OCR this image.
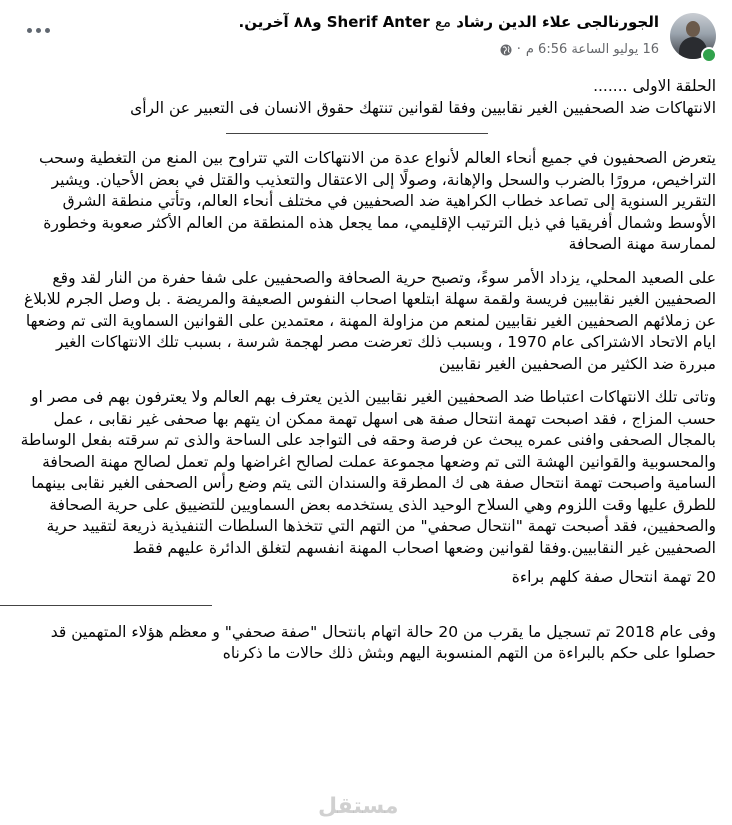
الجورنالجى علاء الدين رشاد مع Sherif Anter و٨٨ آخرين.
16 يوليو الساعة 6:56 م
·

الحلقة الاولى .......

الانتهاكات ضد الصحفيين الغير نقابيين وفقا لقوانين تنتهك حقوق الانسان فى التعبير عن الرأى

يتعرض الصحفيون في جميع أنحاء العالم لأنواع عدة من الانتهاكات التي تتراوح بين المنع من التغطية وسحب التراخيص، مرورًا بالضرب والسحل والإهانة، وصولًا إلى الاعتقال والتعذيب والقتل في بعض الأحيان. ويشير التقرير السنوية إلى تصاعد خطاب الكراهية ضد الصحفيين في مختلف أنحاء العالم، وتأتي منطقة الشرق الأوسط وشمال أفريقيا في ذيل الترتيب الإقليمي، مما يجعل هذه المنطقة من العالم الأكثر صعوبة وخطورة لممارسة مهنة الصحافة

على الصعيد المحلي، يزداد الأمر سوءً، وتصبح حرية الصحافة والصحفيين على شفا حفرة من النار لقد وقع الصحفيين الغير نقابيين فريسة ولقمة سهلة ابتلعها اصحاب النفوس الصعيفة والمريضة . بل وصل الجرم للابلاغ عن زملائهم الصحفيين الغير نقابيين لمنعم من مزاولة المهنة ، معتمدين على القوانين السماوية التى تم وضعها ايام الاتحاد الاشتراكى عام 1970 ، وبسبب ذلك تعرضت مصر لهجمة شرسة ، بسبب تلك الانتهاكات الغير مبررة ضد الكثير من الصحفيين الغير نقابيين

وتاتى تلك الانتهاكات اعتباطا ضد الصحفيين الغير نقابيين الذين يعترف بهم العالم ولا يعترفون بهم فى مصر او حسب المزاج ، فقد اصبحت تهمة انتحال صفة هى اسهل تهمة ممكن ان يتهم بها صحفى غير نقابى ، عمل بالمجال الصحفى وافنى عمره يبحث عن فرصة وحقه فى التواجد على الساحة والذى تم سرقته بفعل الوساطة والمحسوبية والقوانين الهشة التى تم وضعها مجموعة عملت لصالح اغراضها ولم تعمل لصالح مهنة الصحافة السامية واصبحت تهمة انتحال صفة هى ك المطرقة والسندان التى يتم وضع رأس الصحفى الغير نقابى بينهما للطرق عليها وقت اللزوم وهي السلاح الوحيد الذى يستخدمه بعض السماويين للتضييق على حرية الصحافة والصحفيين، فقد أصبحت تهمة "انتحال صحفي" من التهم التي تتخذها السلطات التنفيذية ذريعة لتقييد حرية الصحفيين غير النقابيين.وفقا لقوانين وضعها اصحاب المهنة انفسهم لتغلق الدائرة عليهم فقط

20 تهمة انتحال صفة كلهم براءة

وفى عام 2018 تم تسجيل ما يقرب من 20 حالة اتهام بانتحال "صفة صحفي" و معظم هؤلاء المتهمين قد حصلوا على حكم بالبراءة من التهم المنسوبة اليهم وبثش ذلك حالات ما ذكرناه

مستقل
